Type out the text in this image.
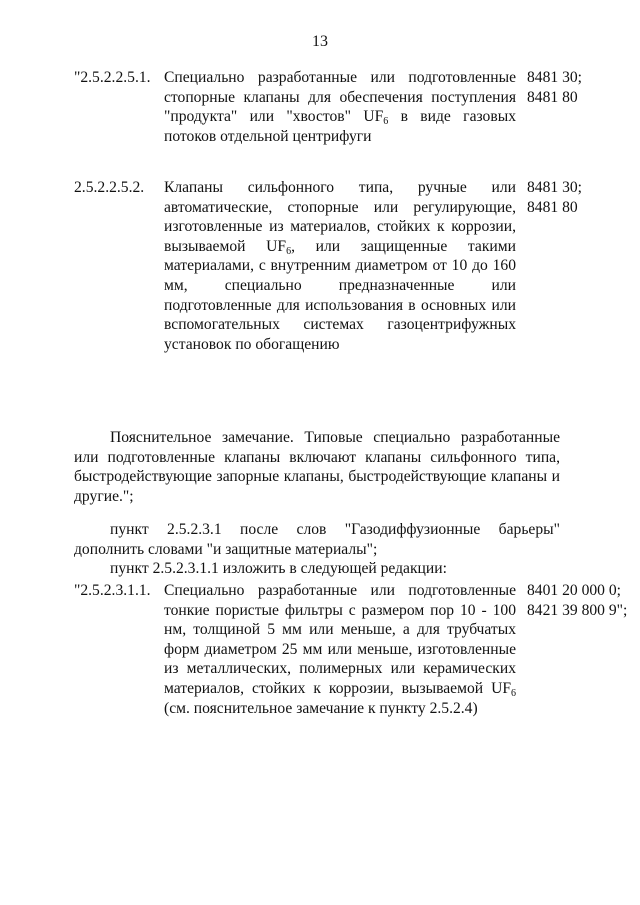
13
"2.5.2.2.5.1. Специально разработанные или подготовленные стопорные клапаны для обеспечения поступления "продукта" или "хвостов" $UF_6$ в виде газовых потоков отдельной центрифуги
8481 30;
8481 80
2.5.2.2.5.2.	Клапаны сильфонного типа, ручные или автоматические, стопорные или регулирующие, изготовленные из материалов, стойких к коррозии, вызываемой $UF_6$, или защищенные такими материалами, с внутренним диаметром от 10 до 160 мм, специально предназначенные или подготовленные для использования в основных или вспомогательных системах газоцентрифужных установок по обогащению
8481 30;
8481 80
Пояснительное замечание. Типовые специально разработанные или подготовленные клапаны включают клапаны сильфонного типа, быстродействующие запорные клапаны, быстродействующие клапаны и другие.";
пункт 2.5.2.3.1 после слов "Газодиффузионные барьеры" дополнить словами "и защитные материалы";
пункт 2.5.2.3.1.1 изложить в следующей редакции:
"2.5.2.3.1.1. Специально разработанные или подготовленные тонкие пористые фильтры с размером пор 10 - 100 нм, толщиной 5 мм или меньше, а для трубчатых форм диаметром 25 мм или меньше, изготовленные из металлических, полимерных или керамических материалов, стойких к коррозии, вызываемой $UF_6$ (см. пояснительное замечание к пункту 2.5.2.4)
8401 20 000 0;
8421 39 800 9";
